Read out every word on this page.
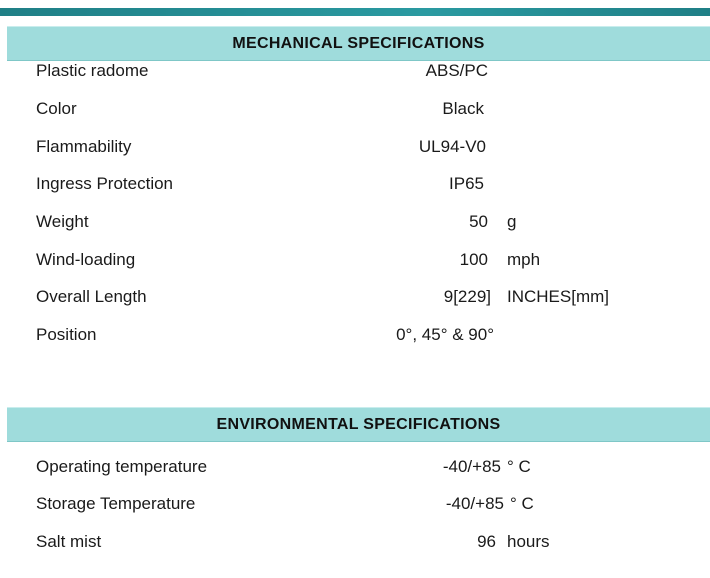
MECHANICAL SPECIFICATIONS
Plastic radome	ABS/PC
Color	Black
Flammability	UL94-V0
Ingress Protection	IP65
Weight	50 g
Wind-loading	100 mph
Overall Length	9[229] INCHES[mm]
Position	0°, 45° & 90°
ENVIRONMENTAL SPECIFICATIONS
Operating temperature	-40/+85 ° C
Storage Temperature	-40/+85 ° C
Salt mist	96 hours
